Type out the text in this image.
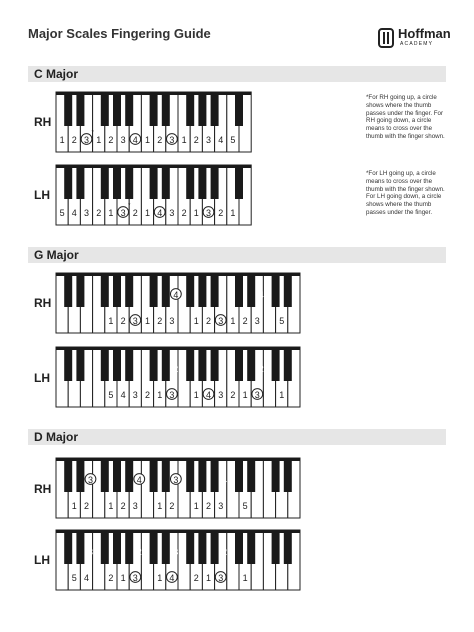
Major Scales Fingering Guide	Hoffman
ACADEMY
C Major
RH
1 2 3
*
1 2 3 4 1 2 3 1 2 3 4 5
LH
5 4 3 2 1 3
*
2 1 4 3 2 1 3 2 1
*For RH going up, a circle shows where the thumb passes under the finger. For RH going down, a circle means to cross over the thumb with the finger shown.
*For LH going up, a circle means to cross over the thumb with the finger shown. For LH going down, a circle shows where the thumb passes under the finger.
G Major
RH
1 2 3 1 2 3
4
1 2 3 1 2 3
4
5
LH
5 4 3 2 1 3
2
1 4 3 2 1 3
2
1
D Major
RH
1 2
3
1 2 3
4
1 2
3
1 2 3
4
5
LH
5 4
3
2 1 3
2
1 4
3
2 1 3
2
1
